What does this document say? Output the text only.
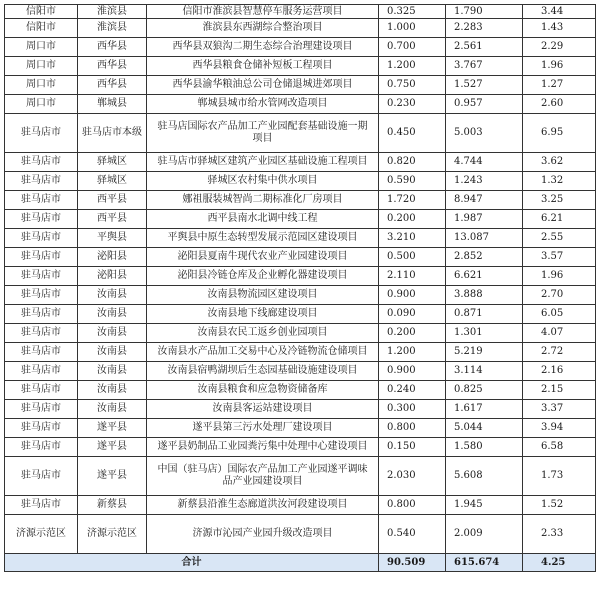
信阳市	淮滨县	信阳市淮滨县智慧停车服务运营项目	0.325	1.790	3.44
信阳市	淮滨县	淮滨县东西湖综合整治项目	1.000	2.283	1.43
周口市	西华县	西华县双狼沟二期生态综合治理建设项目	0.700	2.561	2.29
周口市	西华县	西华县粮食仓储补短板工程项目	1.200	3.767	1.96
周口市	西华县	西华县渝华粮油总公司仓储退城进郊项目	0.750	1.527	1.27
周口市	郸城县	郸城县城市给水管网改造项目	0.230	0.957	2.60
驻马店市	驻马店市本级	驻马店国际农产品加工产业园配套基础设施一期项目	0.450	5.003	6.95
驻马店市	驿城区	驻马店市驿城区建筑产业园区基础设施工程项目	0.820	4.744	3.62
驻马店市	驿城区	驿城区农村集中供水项目	0.590	1.243	1.32
驻马店市	西平县	娜祖服装城智尚二期标准化厂房项目	1.720	8.947	3.25
驻马店市	西平县	西平县南水北调中线工程	0.200	1.987	6.21
驻马店市	平舆县	平舆县中原生态转型发展示范园区建设项目	3.210	13.087	2.55
驻马店市	泌阳县	泌阳县夏南牛现代农业产业园建设项目	0.500	2.852	3.57
驻马店市	泌阳县	泌阳县冷链仓库及企业孵化器建设项目	2.110	6.621	1.96
驻马店市	汝南县	汝南县物流园区建设项目	0.900	3.888	2.70
驻马店市	汝南县	汝南县地下线廊建设项目	0.090	0.871	6.05
驻马店市	汝南县	汝南县农民工返乡创业园项目	0.200	1.301	4.07
驻马店市	汝南县	汝南县水产品加工交易中心及冷链物流仓储项目	1.200	5.219	2.72
驻马店市	汝南县	汝南县宿鸭湖坝后生态园基础设施建设项目	0.900	3.114	2.16
驻马店市	汝南县	汝南县粮食和应急物资储备库	0.240	0.825	2.15
驻马店市	汝南县	汝南县客运站建设项目	0.300	1.617	3.37
驻马店市	遂平县	遂平县第三污水处理厂建设项目	0.800	5.044	3.94
驻马店市	遂平县	遂平县奶制品工业园粪污集中处理中心建设项目	0.150	1.580	6.58
驻马店市	遂平县	中国（驻马店）国际农产品加工产业园遂平调味品产业园建设项目	2.030	5.608	1.73
驻马店市	新蔡县	新蔡县沿淮生态廊道洪汝河段建设项目	0.800	1.945	1.52
济源示范区	济源示范区	济源市沁园产业园升级改造项目	0.540	2.009	2.33
合计			90.509	615.674	4.25
